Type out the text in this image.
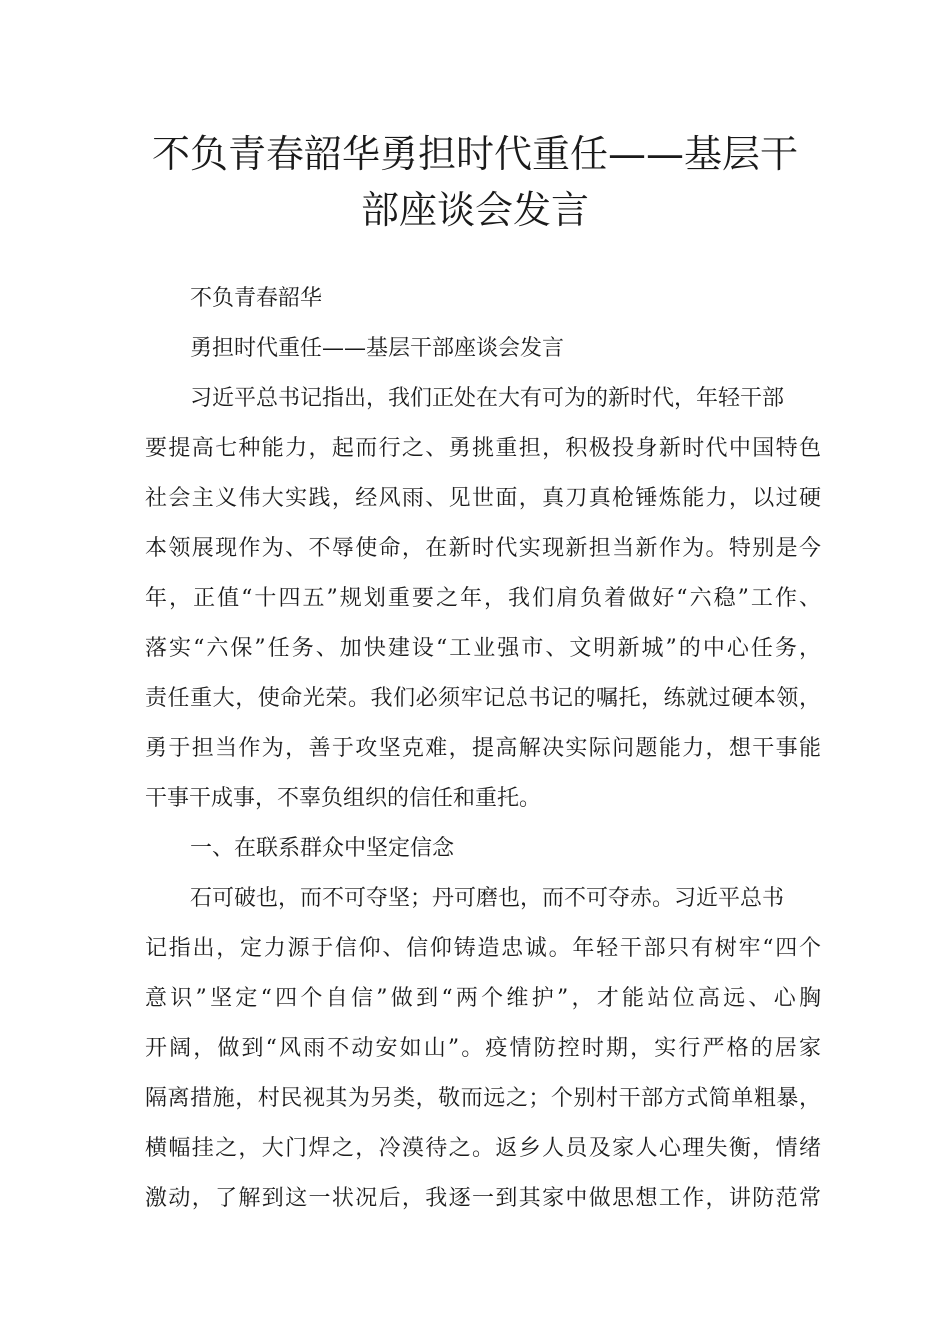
不负青春韶华勇担时代重任——基层干
部座谈会发言

不负青春韶华

勇担时代重任——基层干部座谈会发言

习近平总书记指出，我们正处在大有可为的新时代，年轻干部

要提高七种能力，起而行之、勇挑重担，积极投身新时代中国特色

社会主义伟大实践，经风雨、见世面，真刀真枪锤炼能力，以过硬

本领展现作为、不辱使命，在新时代实现新担当新作为。特别是今

年，正值“十四五”规划重要之年，我们肩负着做好“六稳”工作、

落实“六保”任务、加快建设“工业强市、文明新城”的中心任务，

责任重大，使命光荣。我们必须牢记总书记的嘱托，练就过硬本领，

勇于担当作为，善于攻坚克难，提高解决实际问题能力，想干事能

干事干成事，不辜负组织的信任和重托。

一、在联系群众中坚定信念

石可破也，而不可夺坚；丹可磨也，而不可夺赤。习近平总书

记指出，定力源于信仰、信仰铸造忠诚。年轻干部只有树牢“四个

意识”坚定“四个自信”做到“两个维护”，才能站位高远、心胸

开阔，做到“风雨不动安如山”。疫情防控时期，实行严格的居家

隔离措施，村民视其为另类，敬而远之；个别村干部方式简单粗暴，

横幅挂之，大门焊之，冷漠待之。返乡人员及家人心理失衡，情绪

激动，了解到这一状况后，我逐一到其家中做思想工作，讲防范常
